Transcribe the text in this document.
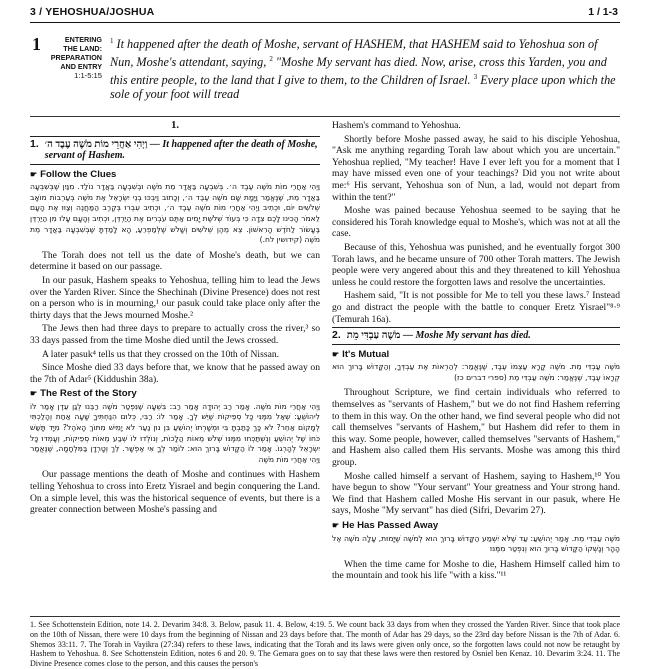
3 / YEHOSHUA/JOSHUA	1 / 1-3
1	ENTERING
THE LAND:
PREPARATION
AND ENTRY
1:1-5:15
$^1$ It happened after the death of Moshe, servant of HASHEM, that HASHEM said to Yehoshua son of Nun, Moshe's attendant, saying, $^2$ "Moshe My servant has died. Now, arise, cross this Yarden, you and this entire people, to the land that I give to them, to the Children of Israel. $^3$ Every place upon which the sole of your foot will tread
1.
1. וַיְהִי אַחֲרֵי מוֹת מֹשֶׁה עֶבֶד ה׳ — It happened after the death of Moshe, servant of Hashem.
☛ Follow the Clues
וַיְהִי אַחֲרֵי מוֹת מֹשֶׁה עֶבֶד ה׳. בְּשִׁבְעָה בַּאֲדָר מֵת מֹשֶׁה וּבְשִׁבְעָה בַּאֲדָר נוֹלַד. מִנַּיִן שֶׁבְּשִׁבְעָה בַּאֲדָר מֵת, שֶׁנֶּאֱמַר וַיָּמָת שָׁם מֹשֶׁה עֶבֶד ה׳, וְכָתוּב וַיִּבְכּוּ בְנֵי יִשְׂרָאֵל אֶת מֹשֶׁה בְּעַרְבוֹת מוֹאָב שְׁלֹשִׁים יוֹם, וּכְתִיב וַיְהִי אַחֲרֵי מוֹת מֹשֶׁה עֶבֶד ה׳, וּכְתִיב עִבְרוּ בְּקֶרֶב הַמַּחֲנֶה וְצַוּוּ אֶת הָעָם לֵאמֹר הָכִינוּ לָכֶם צֵדָה כִּי בְּעוֹד שְׁלֹשֶׁת יָמִים אַתֶּם עֹבְרִים אֶת הַיַּרְדֵּן, וּכְתִיב וְהָעָם עָלוּ מִן הַיַּרְדֵּן בֶּעָשׂוֹר לַחֹדֶשׁ הָרִאשׁוֹן. צֵא מֵהֶן שְׁלֹשִׁים וְשָׁלֹשׁ שֶׁלְּמַפְרֵעַ, הָא לָמַדְתָּ שֶׁבְּשִׁבְעָה בַּאֲדָר מֵת מֹשֶׁה (קידושין לח.)

The Torah does not tell us the date of Moshe's death, but we can determine it based on our passage.

In our pasuk, Hashem speaks to Yehoshua, telling him to lead the Jews over the Yarden River. Since the Shechinah (Divine Presence) does not rest on a person who is in mourning,¹ our pasuk could take place only after the thirty days that the Jews mourned Moshe.²

The Jews then had three days to prepare to actually cross the river,³ so 33 days passed from the time Moshe died until the Jews crossed.

A later pasuk⁴ tells us that they crossed on the 10th of Nissan.

Since Moshe died 33 days before that, we know that he passed away on the 7th of Adar⁵ (Kiddushin 38a).

☛ The Rest of the Story
וַיְהִי אַחֲרֵי מוֹת מֹשֶׁה. אָמַר רַב יְהוּדָה אָמַר רַב: בִּשְׁעָה שֶׁנִּפְטַר מֹשֶׁה רַבֵּנוּ לְגַן עֵדֶן אָמַר לוֹ לִיהוֹשֻׁעַ: שְׁאַל מִמֶּנִּי כָּל סְפֵיקוֹת שֶׁיֵּשׁ לְךָ. אָמַר לוֹ: רַבִּי, כְּלוּם הִנַּחְתִּיךָ שָׁעָה אַחַת וְהָלַכְתִּי לְמָקוֹם אַחֵר? לֹא כָּךְ כָּתַבְתָּ בִּי וּמְשָׁרְתוֹ יְהוֹשֻׁעַ בִּן נוּן נַעַר לֹא יָמִישׁ מִתּוֹךְ הָאֹהֶל? מִיָּד תָּשַׁשׁ כֹּחוֹ שֶׁל יְהוֹשֻׁעַ וְנִשְׁתַּכְּחוּ מִמֶּנּוּ שְׁלֹשׁ מֵאוֹת הֲלָכוֹת, וְנוֹלְדוּ לוֹ שְׁבַע מֵאוֹת סְפֵיקוֹת, וְעָמְדוּ כָּל יִשְׂרָאֵל לְהָרְגוֹ. אָמַר לוֹ הַקָּדוֹשׁ בָּרוּךְ הוּא: לוֹמַר לְךָ אִי אֶפְשָׁר. לֵךְ וְטָרְדָן בַּמִּלְחָמָה, שֶׁנֶּאֱמַר וַיְהִי אַחֲרֵי מוֹת מֹשֶׁה

Our passage mentions the death of Moshe and continues with Hashem telling Yehoshua to cross into Eretz Yisrael and begin conquering the Land. On a simple level, this was the historical sequence of events, but there is a greater connection between Moshe's passing and

Hashem's command to Yehoshua.

Shortly before Moshe passed away, he said to his disciple Yehoshua, "Ask me anything regarding Torah law about which you are uncertain." Yehoshua replied, "My teacher! Have I ever left you for a moment that I may have missed even one of your teachings? Did you not write about me:⁶ His servant, Yehoshua son of Nun, a lad, would not depart from within the tent?"

Moshe was pained because Yehoshua seemed to be saying that he considered his Torah knowledge equal to Moshe's, which was not at all the case.

Because of this, Yehoshua was punished, and he eventually forgot 300 Torah laws, and he became unsure of 700 other Torah matters. The Jewish people were very angered about this and they threatened to kill Yehoshua unless he could restore the forgotten laws and resolve the uncertainties.

Hashem said, "It is not possible for Me to tell you these laws.⁷ Instead go and distract the people with the battle to conquer Eretz Yisrael"⁸·⁹ (Temurah 16a).

2. מֹשֶׁה עַבְדִּי מֵת — Moshe My servant has died.
☛ It's Mutual
מֹשֶׁה עַבְדִּי מֵת. מֹשֶׁה קָרָא עַצְמוֹ עֶבֶד, שֶׁנֶּאֱמַר: לְהַרְאוֹת אֶת עַבְדְּךָ, וְהַקָּדוֹשׁ בָּרוּךְ הוּא קְרָאוֹ עֶבֶד, שֶׁנֶּאֱמַר: מֹשֶׁה עַבְדִּי מֵת (ספרי דברים כז)

Throughout Scripture, we find certain individuals who referred to themselves as "servants of Hashem," but we do not find Hashem referring to them in this way. On the other hand, we find several people who did not call themselves "servants of Hashem," but Hashem did refer to them in this way. Some people, however, called themselves "servants of Hashem," and Hashem also called them His servants. Moshe was among this third group.

Moshe called himself a servant of Hashem, saying to Hashem,¹⁰ You have begun to show "Your servant" Your greatness and Your strong hand. We find that Hashem called Moshe His servant in our pasuk, where He says, Moshe "My servant" has died (Sifri, Devarim 27).

☛ He Has Passed Away
מֹשֶׁה עַבְדִּי מֵת. אָמַר יְהוֹשֻׁעַ: עַד שֶׁלֹּא יִשְׁמַע הַקָּדוֹשׁ בָּרוּךְ הוּא לְמֹשֶׁה שֶׁיָּמוּת, עָלָה מֹשֶׁה אֶל הָהָר וְנָשְׁקוֹ הַקָּדוֹשׁ בָּרוּךְ הוּא וְנִפְטַר מִמֶּנּוּ

When the time came for Moshe to die, Hashem Himself called him to the mountain and took his life "with a kiss."¹¹

1. See Schottenstein Edition, note 14. 2. Devarim 34:8. 3. Below, pasuk 11. 4. Below, 4:19. 5. We count back 33 days from when they crossed the Yarden River. Since that took place on the 10th of Nissan, there were 10 days from the beginning of Nissan and 23 days before that. The month of Adar has 29 days, so the 23rd day before Nissan is the 7th of Adar. 6. Shemos 33:11. 7. The Torah in Vayikra (27:34) refers to these laws, indicating that the Torah and its laws were given only once, so the forgotten laws could not now be retaught by Hashem to Yehoshua. 8. See Schottenstein Edition, notes 6 and 20. 9. The Gemara goes on to say that these laws were then restored by Osniel ben Kenaz. 10. Devarim 3:24. 11. The Divine Presence comes close to the person, and this causes the person's
